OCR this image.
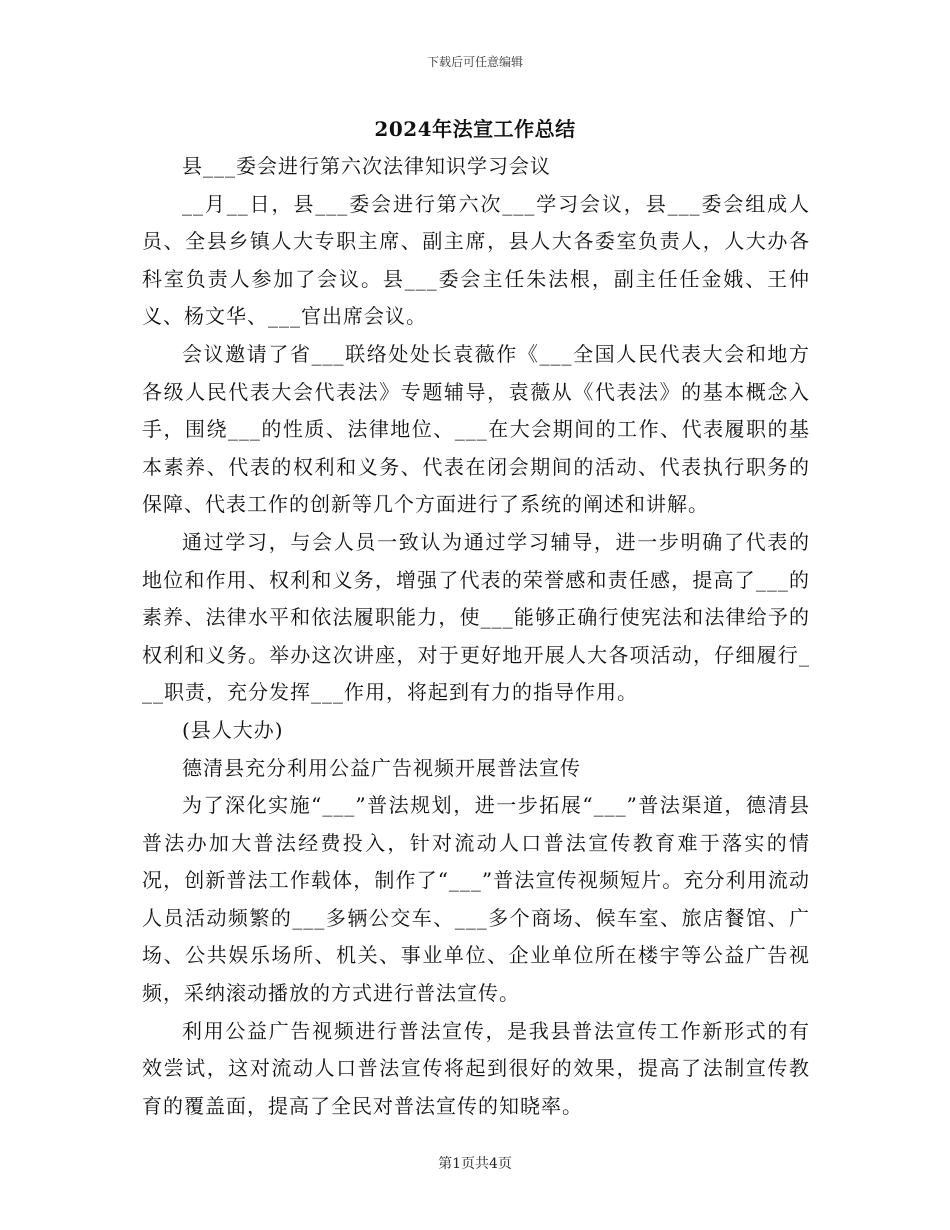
下载后可任意编辑
2024年法宣工作总结

县___委会进行第六次法律知识学习会议

__月__日，县___委会进行第六次___学习会议，县___委会组成人员、全县乡镇人大专职主席、副主席，县人大各委室负责人，人大办各科室负责人参加了会议。县___委会主任朱法根，副主任任金娥、王仲义、杨文华、___官出席会议。

会议邀请了省___联络处处长袁薇作《___全国人民代表大会和地方各级人民代表大会代表法》专题辅导，袁薇从《代表法》的基本概念入手，围绕___的性质、法律地位、___在大会期间的工作、代表履职的基本素养、代表的权利和义务、代表在闭会期间的活动、代表执行职务的保障、代表工作的创新等几个方面进行了系统的阐述和讲解。

通过学习，与会人员一致认为通过学习辅导，进一步明确了代表的地位和作用、权利和义务，增强了代表的荣誉感和责任感，提高了___的素养、法律水平和依法履职能力，使___能够正确行使宪法和法律给予的权利和义务。举办这次讲座，对于更好地开展人大各项活动，仔细履行___职责，充分发挥___作用，将起到有力的指导作用。

(县人大办)

德清县充分利用公益广告视频开展普法宣传

为了深化实施“___”普法规划，进一步拓展“___”普法渠道，德清县普法办加大普法经费投入，针对流动人口普法宣传教育难于落实的情况，创新普法工作载体，制作了“___”普法宣传视频短片。充分利用流动人员活动频繁的___多辆公交车、___多个商场、候车室、旅店餐馆、广场、公共娱乐场所、机关、事业单位、企业单位所在楼宇等公益广告视频，采纳滚动播放的方式进行普法宣传。

利用公益广告视频进行普法宣传，是我县普法宣传工作新形式的有效尝试，这对流动人口普法宣传将起到很好的效果，提高了法制宣传教育的覆盖面，提高了全民对普法宣传的知晓率。

第1页共4页
